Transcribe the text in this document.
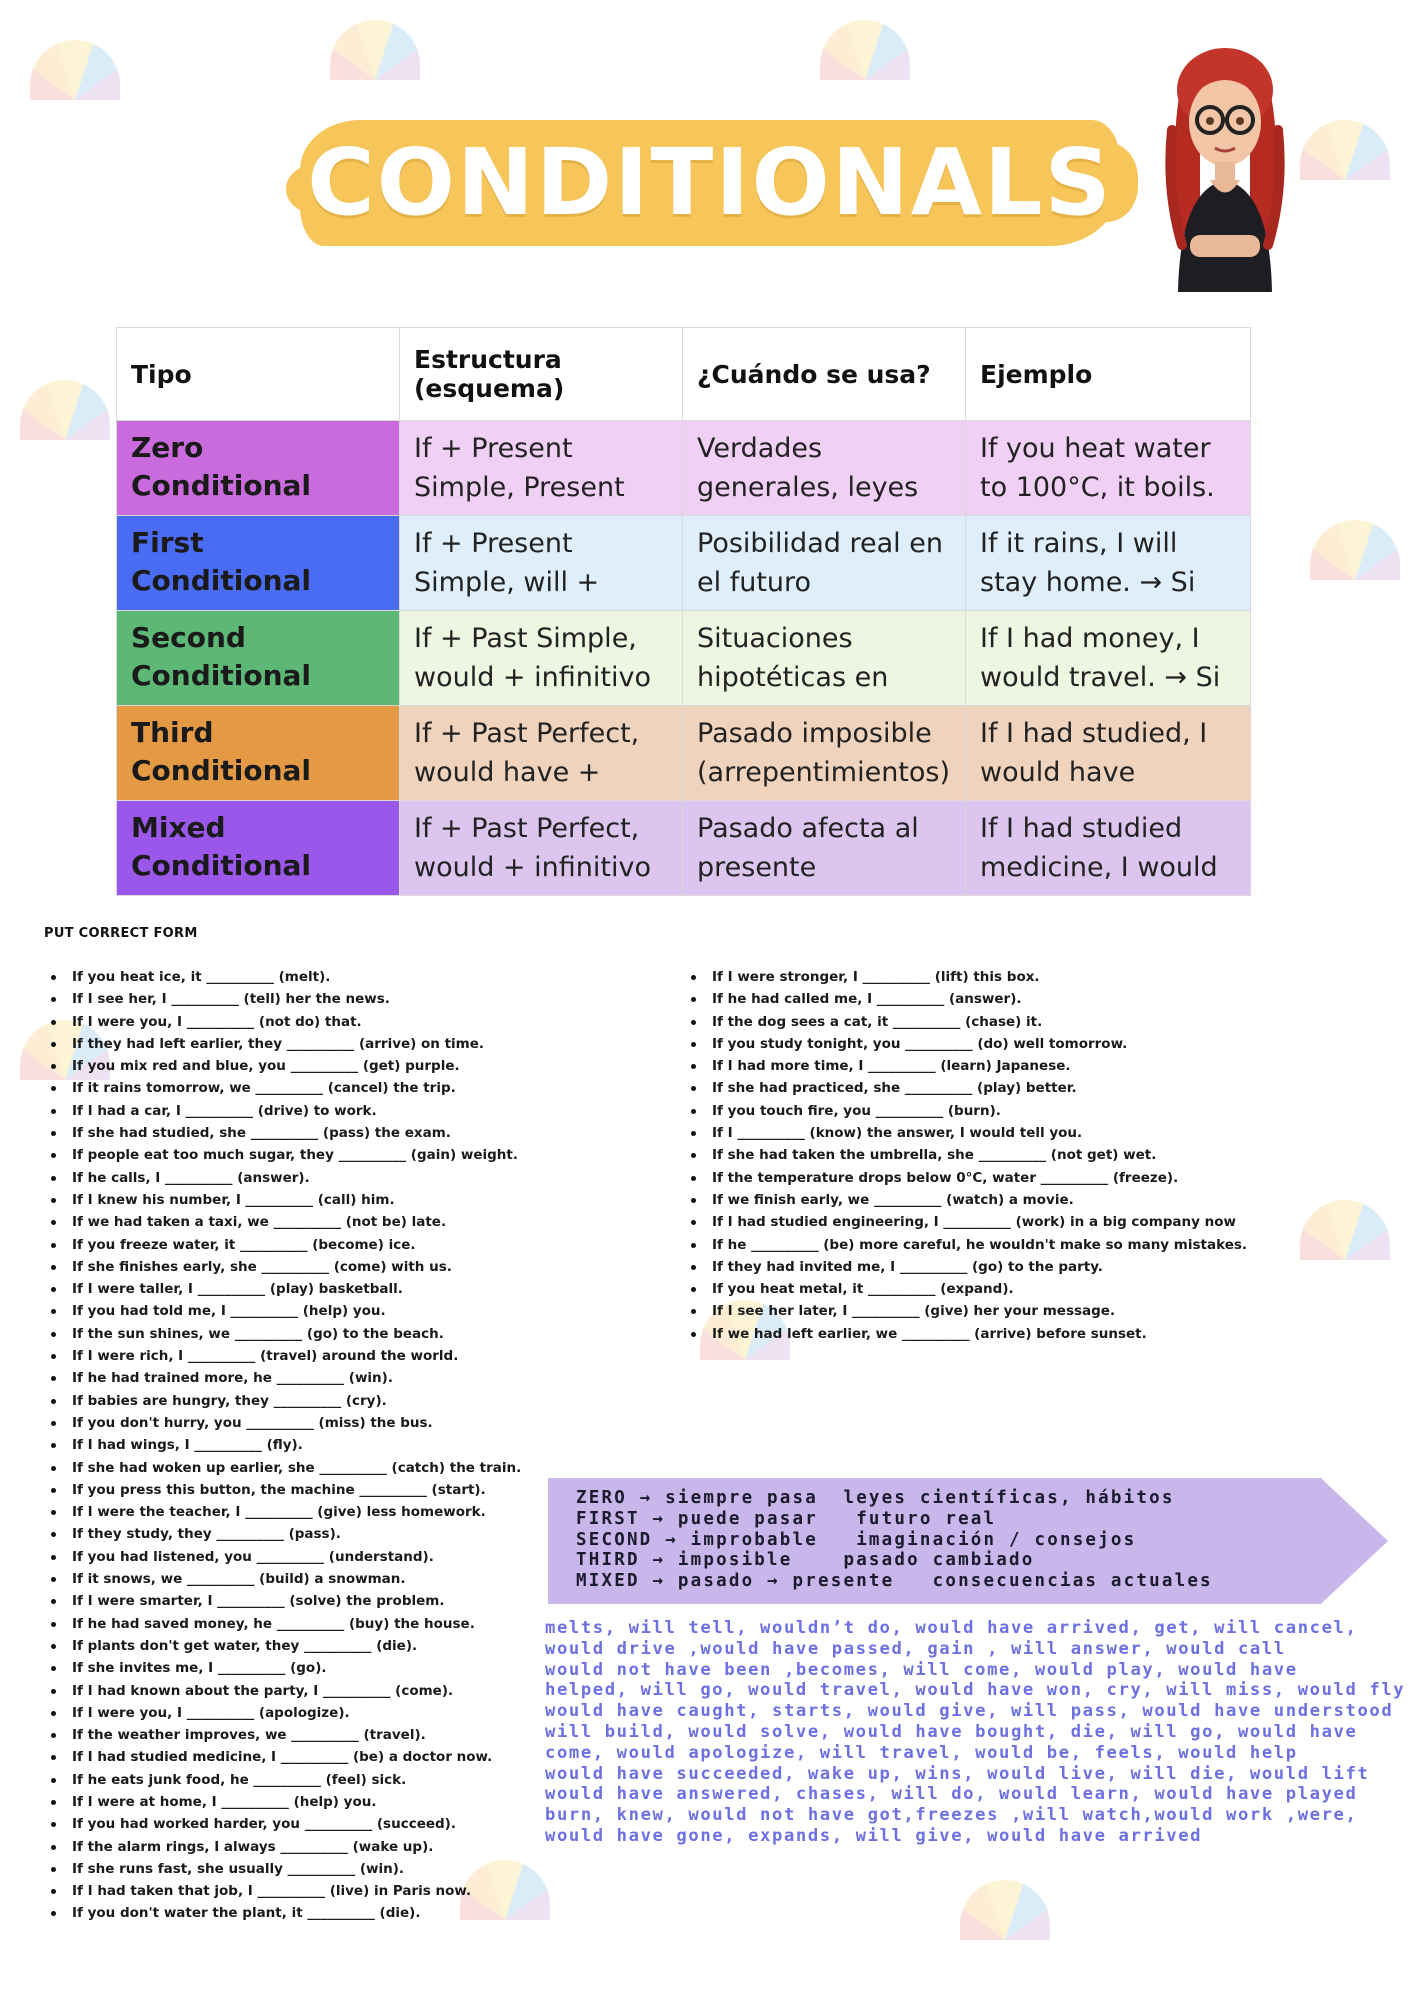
CONDITIONALS
Tipo	Estructura (esquema)	¿Cuándo se usa?	Ejemplo

Zero Conditional	If + Present Simple, Present	Verdades generales, leyes	If you heat water to 100°C, it boils.

First Conditional	If + Present Simple, will +	Posibilidad real en el futuro	If it rains, I will stay home. → Si

Second Conditional	If + Past Simple, would + infinitivo	Situaciones hipotéticas en	If I had money, I would travel. → Si

Third Conditional	If + Past Perfect, would have +	Pasado imposible (arrepentimientos)	If I had studied, I would have

Mixed Conditional	If + Past Perfect, would + infinitivo	Pasado afecta al presente	If I had studied medicine, I would
PUT CORRECT FORM
If you heat ice, it __________ (melt).
If I see her, I __________ (tell) her the news.
If I were you, I __________ (not do) that.
If they had left earlier, they __________ (arrive) on time.
If you mix red and blue, you __________ (get) purple.
If it rains tomorrow, we __________ (cancel) the trip.
If I had a car, I __________ (drive) to work.
If she had studied, she __________ (pass) the exam.
If people eat too much sugar, they __________ (gain) weight.
If he calls, I __________ (answer).
If I knew his number, I __________ (call) him.
If we had taken a taxi, we __________ (not be) late.
If you freeze water, it __________ (become) ice.
If she finishes early, she __________ (come) with us.
If I were taller, I __________ (play) basketball.
If you had told me, I __________ (help) you.
If the sun shines, we __________ (go) to the beach.
If I were rich, I __________ (travel) around the world.
If he had trained more, he __________ (win).
If babies are hungry, they __________ (cry).
If you don't hurry, you __________ (miss) the bus.
If I had wings, I __________ (fly).
If she had woken up earlier, she __________ (catch) the train.
If you press this button, the machine __________ (start).
If I were the teacher, I __________ (give) less homework.
If they study, they __________ (pass).
If you had listened, you __________ (understand).
If it snows, we __________ (build) a snowman.
If I were smarter, I __________ (solve) the problem.
If he had saved money, he __________ (buy) the house.
If plants don't get water, they __________ (die).
If she invites me, I __________ (go).
If I had known about the party, I __________ (come).
If I were you, I __________ (apologize).
If the weather improves, we __________ (travel).
If I had studied medicine, I __________ (be) a doctor now.
If he eats junk food, he __________ (feel) sick.
If I were at home, I __________ (help) you.
If you had worked harder, you __________ (succeed).
If the alarm rings, I always __________ (wake up).
If she runs fast, she usually __________ (win).
If I had taken that job, I __________ (live) in Paris now.
If you don't water the plant, it __________ (die).
If I were stronger, I __________ (lift) this box.
If he had called me, I __________ (answer).
If the dog sees a cat, it __________ (chase) it.
If you study tonight, you __________ (do) well tomorrow.
If I had more time, I __________ (learn) Japanese.
If she had practiced, she __________ (play) better.
If you touch fire, you __________ (burn).
If I __________ (know) the answer, I would tell you.
If she had taken the umbrella, she __________ (not get) wet.
If the temperature drops below 0°C, water __________ (freeze).
If we finish early, we __________ (watch) a movie.
If I had studied engineering, I __________ (work) in a big company now
If he __________ (be) more careful, he wouldn't make so many mistakes.
If they had invited me, I __________ (go) to the party.
If you heat metal, it __________ (expand).
If I see her later, I __________ (give) her your message.
If we had left earlier, we __________ (arrive) before sunset.
ZERO → siempre pasa  leyes científicas, hábitos
FIRST → puede pasar   futuro real
SECOND → improbable   imaginación / consejos
THIRD → imposible    pasado cambiado
MIXED → pasado → presente   consecuencias actuales
melts, will tell, wouldn’t do, would have arrived, get, will cancel,
would drive ,would have passed, gain , will answer, would call
would not have been ,becomes, will come, would play, would have
helped, will go, would travel, would have won, cry, will miss, would fly
would have caught, starts, would give, will pass, would have understood
will build, would solve, would have bought, die, will go, would have
come, would apologize, will travel, would be, feels, would help
would have succeeded, wake up, wins, would live, will die, would lift
would have answered, chases, will do, would learn, would have played
burn, knew, would not have got,freezes ,will watch,would work ,were,
would have gone, expands, will give, would have arrived
